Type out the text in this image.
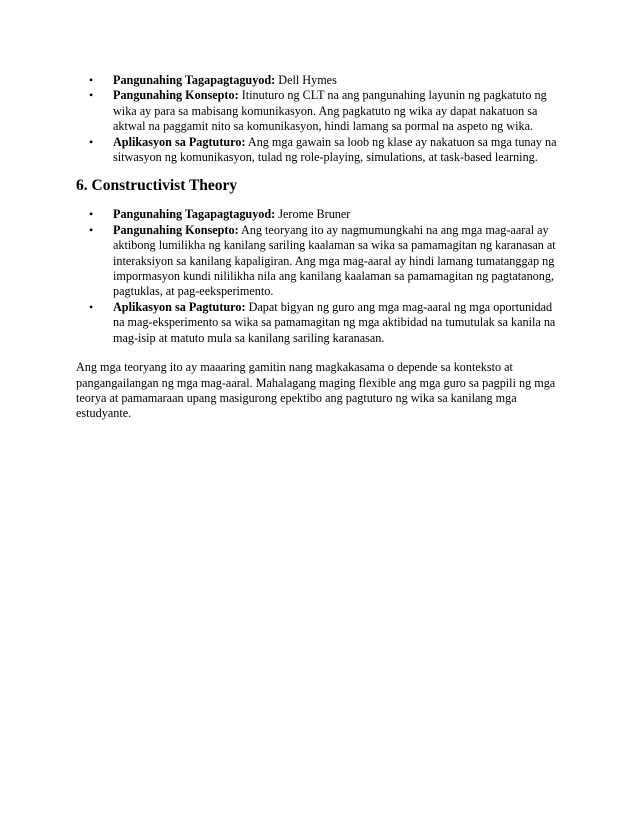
• Pangunahing Tagapagtaguyod: Dell Hymes
• Pangunahing Konsepto: Itinuturo ng CLT na ang pangunahing layunin ng pagkatuto ng wika ay para sa mabisang komunikasyon. Ang pagkatuto ng wika ay dapat nakatuon sa aktwal na paggamit nito sa komunikasyon, hindi lamang sa pormal na aspeto ng wika.
• Aplikasyon sa Pagtuturo: Ang mga gawain sa loob ng klase ay nakatuon sa mga tunay na sitwasyon ng komunikasyon, tulad ng role-playing, simulations, at task-based learning.
6. Constructivist Theory
• Pangunahing Tagapagtaguyod: Jerome Bruner
• Pangunahing Konsepto: Ang teoryang ito ay nagmumungkahi na ang mga mag-aaral ay aktibong lumilikha ng kanilang sariling kaalaman sa wika sa pamamagitan ng karanasan at interaksiyon sa kanilang kapaligiran. Ang mga mag-aaral ay hindi lamang tumatanggap ng impormasyon kundi nililikha nila ang kanilang kaalaman sa pamamagitan ng pagtatanong, pagtuklas, at pag-eeksperimento.
• Aplikasyon sa Pagtuturo: Dapat bigyan ng guro ang mga mag-aaral ng mga oportunidad na mag-eksperimento sa wika sa pamamagitan ng mga aktibidad na tumutulak sa kanila na mag-isip at matuto mula sa kanilang sariling karanasan.

Ang mga teoryang ito ay maaaring gamitin nang magkakasama o depende sa konteksto at pangangailangan ng mga mag-aaral. Mahalagang maging flexible ang mga guro sa pagpili ng mga teorya at pamamaraan upang masigurong epektibo ang pagtuturo ng wika sa kanilang mga estudyante.
